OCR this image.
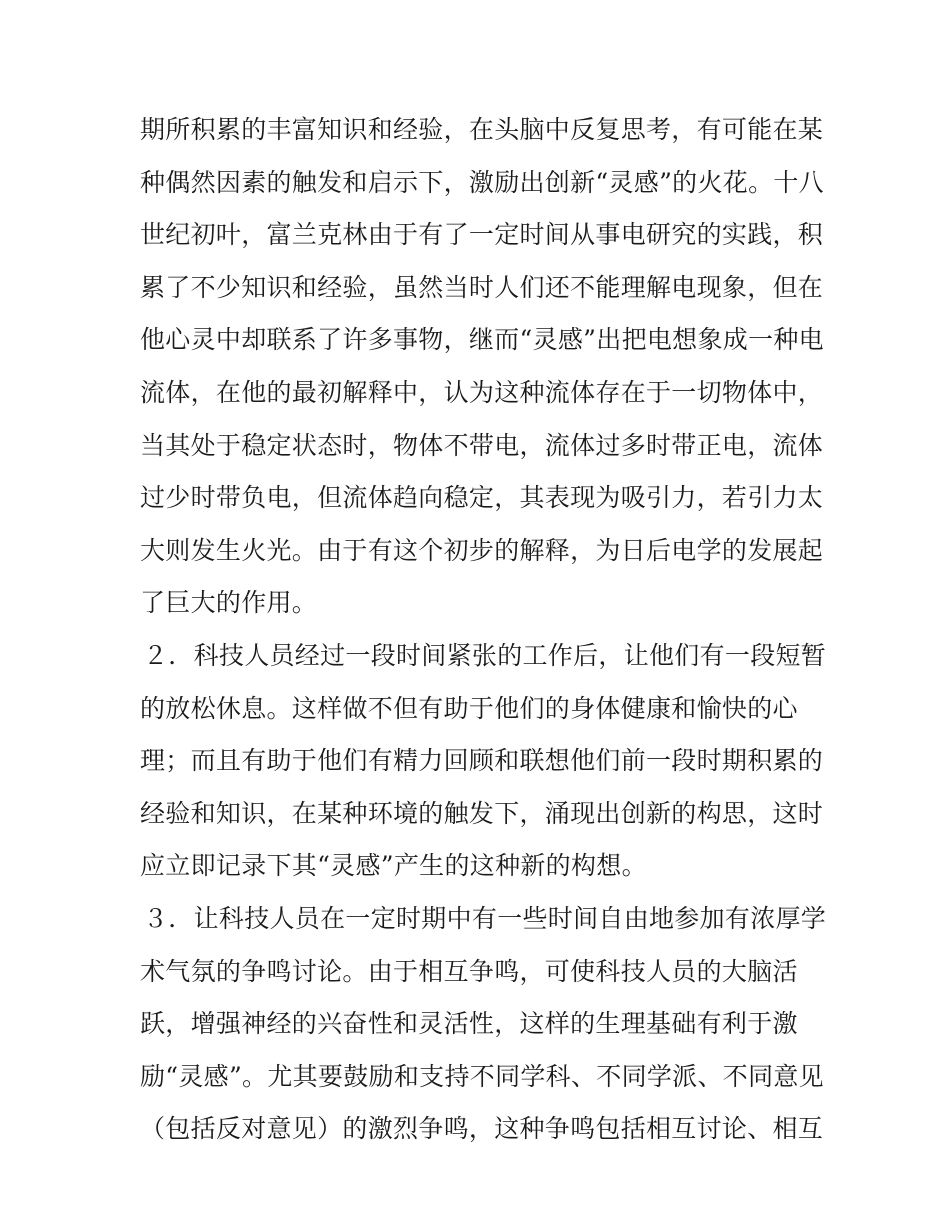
期所积累的丰富知识和经验，在头脑中反复思考，有可能在某
种偶然因素的触发和启示下，激励出创新“灵感”的火花。十八
世纪初叶，富兰克林由于有了一定时间从事电研究的实践，积
累了不少知识和经验，虽然当时人们还不能理解电现象，但在
他心灵中却联系了许多事物，继而“灵感”出把电想象成一种电
流体，在他的最初解释中，认为这种流体存在于一切物体中，
当其处于稳定状态时，物体不带电，流体过多时带正电，流体
过少时带负电，但流体趋向稳定，其表现为吸引力，若引力太
大则发生火光。由于有这个初步的解释，为日后电学的发展起
了巨大的作用。
２．科技人员经过一段时间紧张的工作后，让他们有一段短暂
的放松休息。这样做不但有助于他们的身体健康和愉快的心
理；而且有助于他们有精力回顾和联想他们前一段时期积累的
经验和知识，在某种环境的触发下，涌现出创新的构思，这时
应立即记录下其“灵感”产生的这种新的构想。
３．让科技人员在一定时期中有一些时间自由地参加有浓厚学
术气氛的争鸣讨论。由于相互争鸣，可使科技人员的大脑活
跃，增强神经的兴奋性和灵活性，这样的生理基础有利于激
励“灵感”。尤其要鼓励和支持不同学科、不同学派、不同意见
（包括反对意见）的激烈争鸣，这种争鸣包括相互讨论、相互
